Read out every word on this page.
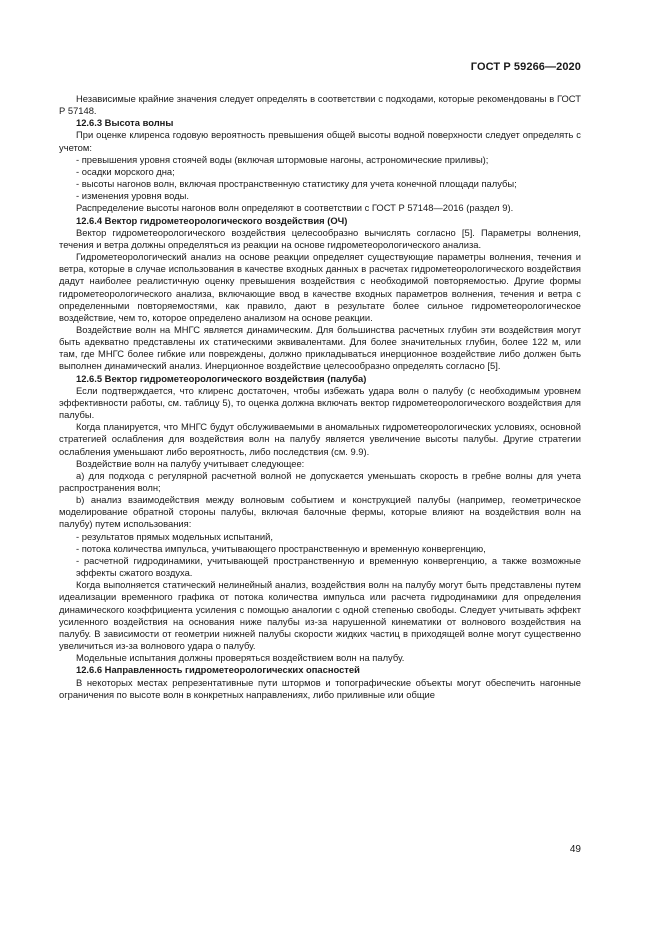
ГОСТ Р 59266—2020

Независимые крайние значения следует определять в соответствии с подходами, которые рекомендованы в ГОСТ Р 57148.

12.6.3 Высота волны

При оценке клиренса годовую вероятность превышения общей высоты водной поверхности следует определять с учетом:

- превышения уровня стоячей воды (включая штормовые нагоны, астрономические приливы);

- осадки морского дна;

- высоты нагонов волн, включая пространственную статистику для учета конечной площади палубы;

- изменения уровня воды.

Распределение высоты нагонов волн определяют в соответствии с ГОСТ Р 57148—2016 (раздел 9).

12.6.4 Вектор гидрометеорологического воздействия (ОЧ)

Вектор гидрометеорологического воздействия целесообразно вычислять согласно [5]. Параметры волнения, течения и ветра должны определяться из реакции на основе гидрометеорологического анализа.

Гидрометеорологический анализ на основе реакции определяет существующие параметры волнения, течения и ветра, которые в случае использования в качестве входных данных в расчетах гидрометеорологического воздействия дадут наиболее реалистичную оценку превышения воздействия с необходимой повторяемостью. Другие формы гидрометеорологического анализа, включающие ввод в качестве входных параметров волнения, течения и ветра с определенными повторяемостями, как правило, дают в результате более сильное гидрометеорологическое воздействие, чем то, которое определено анализом на основе реакции.

Воздействие волн на МНГС является динамическим. Для большинства расчетных глубин эти воздействия могут быть адекватно представлены их статическими эквивалентами. Для более значительных глубин, более 122 м, или там, где МНГС более гибкие или повреждены, должно прикладываться инерционное воздействие либо должен быть выполнен динамический анализ. Инерционное воздействие целесообразно определять согласно [5].

12.6.5 Вектор гидрометеорологического воздействия (палуба)

Если подтверждается, что клиренс достаточен, чтобы избежать удара волн о палубу (с необходимым уровнем эффективности работы, см. таблицу 5), то оценка должна включать вектор гидрометеорологического воздействия для палубы.

Когда планируется, что МНГС будут обслуживаемыми в аномальных гидрометеорологических условиях, основной стратегией ослабления для воздействия волн на палубу является увеличение высоты палубы. Другие стратегии ослабления уменьшают либо вероятность, либо последствия (см. 9.9).

Воздействие волн на палубу учитывает следующее:

a) для подхода с регулярной расчетной волной не допускается уменьшать скорость в гребне волны для учета распространения волн;

b) анализ взаимодействия между волновым событием и конструкцией палубы (например, геометрическое моделирование обратной стороны палубы, включая балочные фермы, которые влияют на воздействия волн на палубу) путем использования:

- результатов прямых модельных испытаний,

- потока количества импульса, учитывающего пространственную и временную конвергенцию,

- расчетной гидродинамики, учитывающей пространственную и временную конвергенцию, а также возможные эффекты сжатого воздуха.

Когда выполняется статический нелинейный анализ, воздействия волн на палубу могут быть представлены путем идеализации временного графика от потока количества импульса или расчета гидродинамики для определения динамического коэффициента усиления с помощью аналогии с одной степенью свободы. Следует учитывать эффект усиленного воздействия на основания ниже палубы из-за нарушенной кинематики от волнового воздействия на палубу. В зависимости от геометрии нижней палубы скорости жидких частиц в приходящей волне могут существенно увеличиться из-за волнового удара о палубу.

Модельные испытания должны проверяться воздействием волн на палубу.

12.6.6 Направленность гидрометеорологических опасностей

В некоторых местах репрезентативные пути штормов и топографические объекты могут обеспечить нагонные ограничения по высоте волн в конкретных направлениях, либо приливные или общие

49
